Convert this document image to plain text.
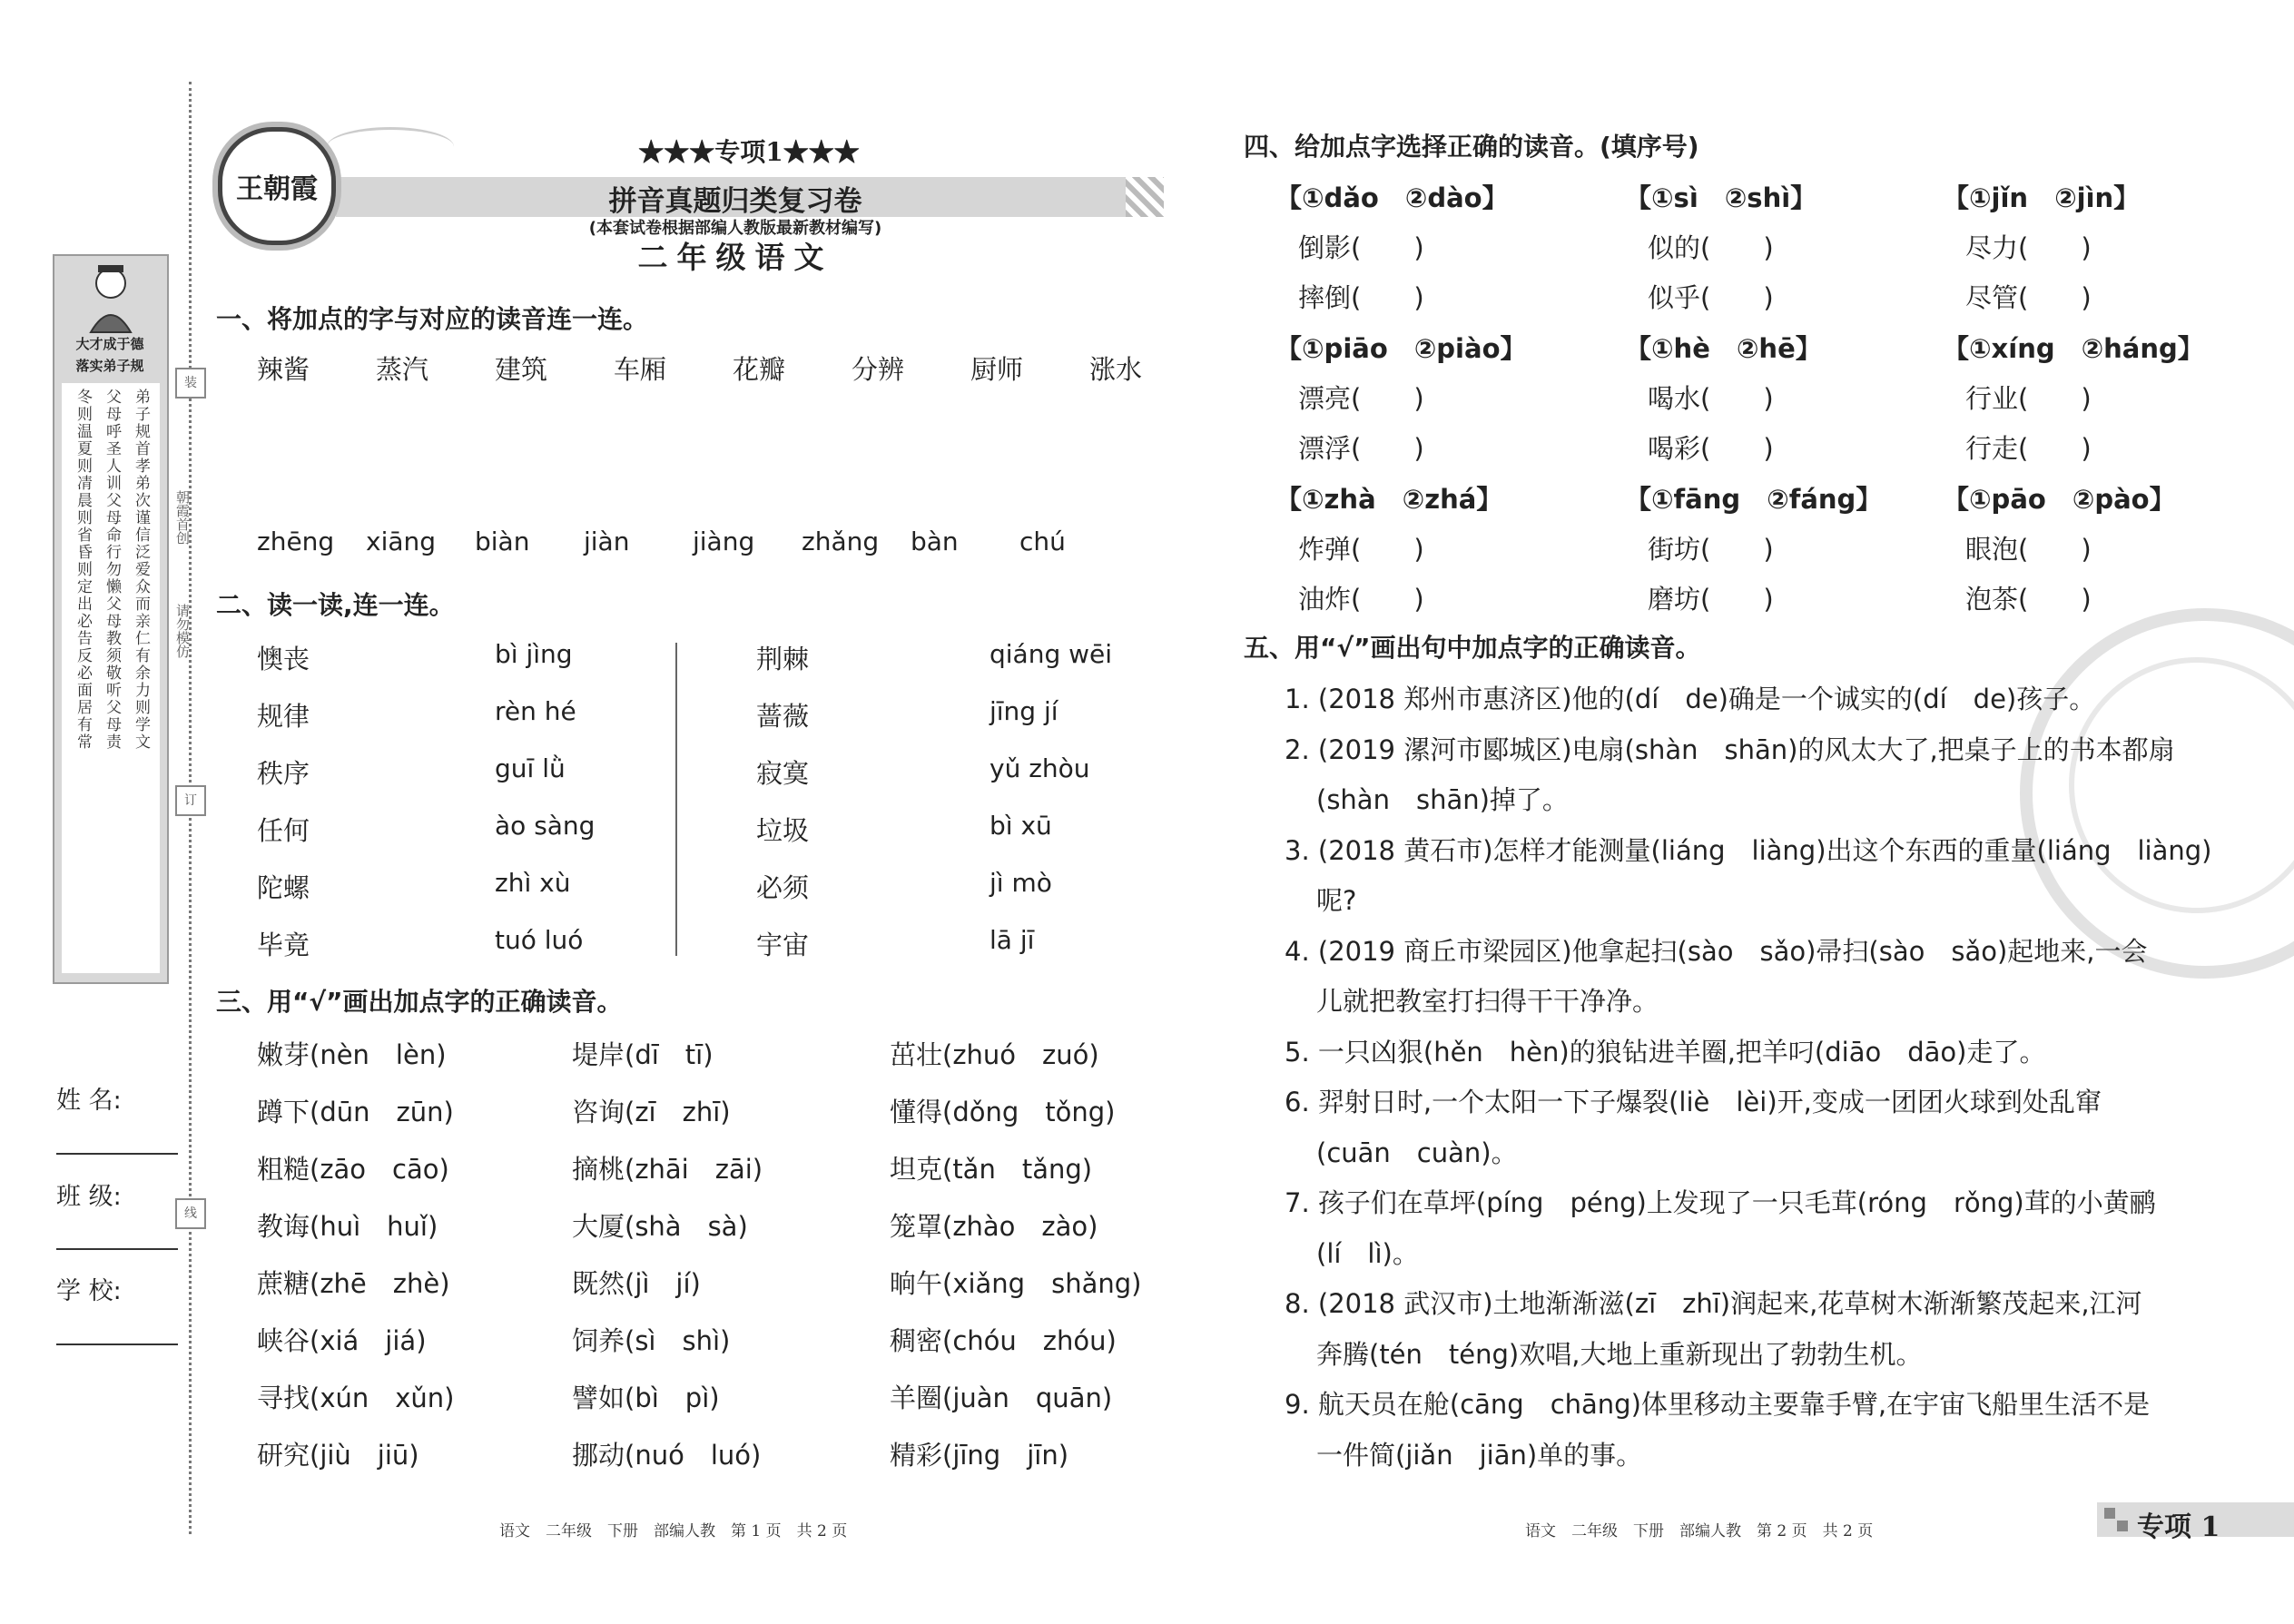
装
订
线
朝霞首创
请勿模仿
大才成于德
落实弟子规
冬则温夏则凊晨则省昏则定出必告反必面居有常 父母呼圣人训父母命行勿懒父母教须敬听父母责 弟子规首孝弟次谨信泛爱众而亲仁有余力则学文
姓 名:
班 级:
学 校:
王朝霞
★★★专项1★★★
拼音真题归类复习卷
(本套试卷根据部编人教版最新教材编写)
二年级语文
一、将加点的字与对应的读音连一连。
辣酱	蒸汽	建筑	车厢	花瓣	分辨	厨师	涨水
zhēng xiāng biàn jiàn jiàng zhǎng bàn chú
二、读一读,连一连。
懊丧
规律
秩序
任何
陀螺
毕竟
bì jìng
rèn hé
guī lǜ
ào sàng
zhì xù
tuó luó
荆棘
蔷薇
寂寞
垃圾
必须
宇宙
qiáng wēi
jīng jí
yǔ zhòu
bì xū
jì mò
lā jī
三、用“√”画出加点字的正确读音。
嫩芽(nèn　lèn)
蹲下(dūn　zūn)
粗糙(zāo　cāo)
教诲(huì　huǐ)
蔗糖(zhē　zhè)
峡谷(xiá　jiá)
寻找(xún　xǔn)
研究(jiù　jiū)
堤岸(dī　tī)
咨询(zī　zhī)
摘桃(zhāi　zāi)
大厦(shà　sà)
既然(jì　jí)
饲养(sì　shì)
譬如(bì　pì)
挪动(nuó　luó)
茁壮(zhuó　zuó)
懂得(dǒng　tǒng)
坦克(tǎn　tǎng)
笼罩(zhào　zào)
晌午(xiǎng　shǎng)
稠密(chóu　zhóu)
羊圈(juàn　quān)
精彩(jīng　jīn)
四、给加点字选择正确的读音。(填序号)
【①dǎo　②dào】
倒影(　　)
摔倒(　　)
【①sì　②shì】
似的(　　)
似乎(　　)
【①jǐn　②jìn】
尽力(　　)
尽管(　　)
【①piāo　②piào】
漂亮(　　)
漂浮(　　)
【①hè　②hē】
喝水(　　)
喝彩(　　)
【①xíng　②háng】
行业(　　)
行走(　　)
【①zhà　②zhá】
炸弹(　　)
油炸(　　)
【①fāng　②fáng】
街坊(　　)
磨坊(　　)
【①pāo　②pào】
眼泡(　　)
泡茶(　　)
五、用“√”画出句中加点字的正确读音。
1. (2018 郑州市惠济区)他的(dí　de)确是一个诚实的(dí　de)孩子。
2. (2019 漯河市郾城区)电扇(shàn　shān)的风太大了,把桌子上的书本都扇
(shàn　shān)掉了。
3. (2018 黄石市)怎样才能测量(liáng　liàng)出这个东西的重量(liáng　liàng)
呢?
4. (2019 商丘市梁园区)他拿起扫(sào　sǎo)帚扫(sào　sǎo)起地来,一会
儿就把教室打扫得干干净净。
5. 一只凶狠(hěn　hèn)的狼钻进羊圈,把羊叼(diāo　dāo)走了。
6. 羿射日时,一个太阳一下子爆裂(liè　lèi)开,变成一团团火球到处乱窜
(cuān　cuàn)。
7. 孩子们在草坪(píng　péng)上发现了一只毛茸(róng　rǒng)茸的小黄鹂
(lí　lì)。
8. (2018 武汉市)土地渐渐滋(zī　zhī)润起来,花草树木渐渐繁茂起来,江河
奔腾(tén　téng)欢唱,大地上重新现出了勃勃生机。
9. 航天员在舱(cāng　chāng)体里移动主要靠手臂,在宇宙飞船里生活不是
一件简(jiǎn　jiān)单的事。
语文　二年级　下册　部编人教　第 1 页　共 2 页	语文　二年级　下册　部编人教　第 2 页　共 2 页	专项 1
